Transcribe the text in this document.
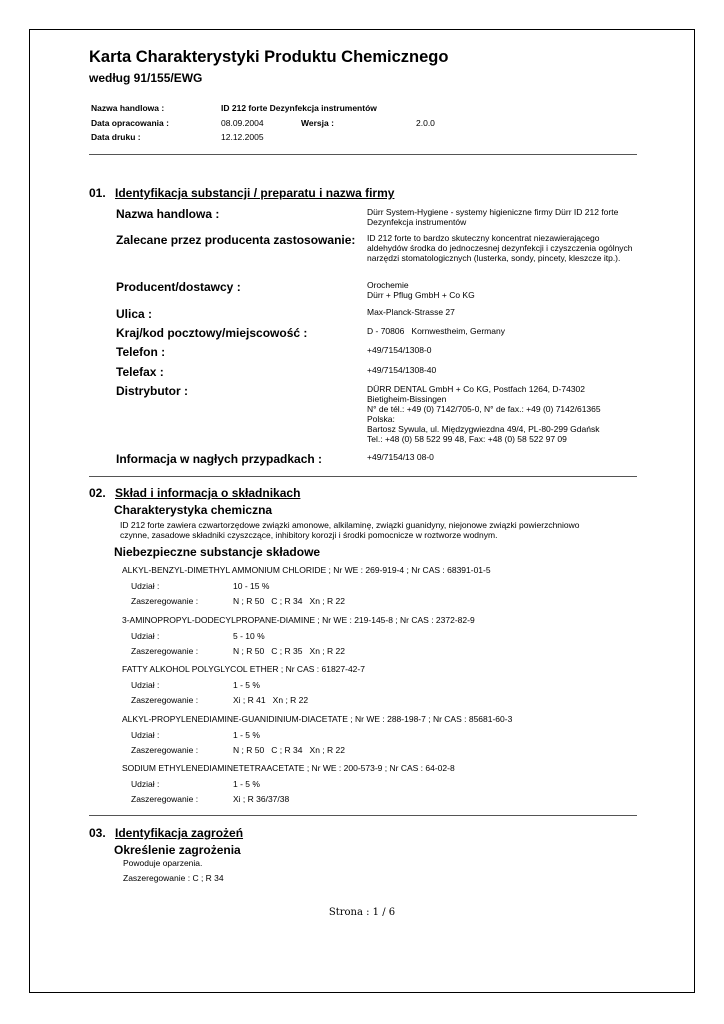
Karta Charakterystyki Produktu Chemicznego
według 91/155/EWG
Nazwa handlowa :	ID 212 forte Dezynfekcja instrumentów
Data opracowania :	08.09.2004	Wersja :	2.0.0
Data druku :	12.12.2005
01. Identyfikacja substancji / preparatu i nazwa firmy
Nazwa handlowa :	Dürr System-Hygiene - systemy higieniczne firmy Dürr ID 212 forte Dezynfekcja instrumentów
Zalecane przez producenta zastosowanie: ID 212 forte to bardzo skuteczny koncentrat niezawierającego aldehydów środka do jednoczesnej dezynfekcji i czyszczenia ogólnych narzędzi stomatologicznych (lusterka, sondy, pincety, kleszcze itp.).
Producent/dostawcy :	Orochemie
Dürr + Pflug GmbH + Co KG
Ulica :	Max-Planck-Strasse 27
Kraj/kod pocztowy/miejscowość :	D - 70806   Kornwestheim, Germany
Telefon :	+49/7154/1308-0
Telefax :	+49/7154/1308-40
Distrybutor :	DÜRR DENTAL GmbH + Co KG, Postfach 1264, D-74302
Bietigheim-Bissingen
N° de tél.: +49 (0) 7142/705-0, N° de fax.: +49 (0) 7142/61365
Polska:
Bartosz Sywula, ul. Międzygwiezdna 49/4, PL-80-299 Gdańsk
Tel.: +48 (0) 58 522 99 48, Fax: +48 (0) 58 522 97 09
Informacja w nagłych przypadkach :	+49/7154/13 08-0
02. Skład i informacja o składnikach
Charakterystyka chemiczna
ID 212 forte zawiera czwartorzędowe związki amonowe, alkilaminę, związki guanidyny, niejonowe związki powierzchniowo
czynne, zasadowe składniki czyszczące, inhibitory korozji i środki pomocnicze w roztworze wodnym.
Niebezpieczne substancje składowe
ALKYL-BENZYL-DIMETHYL AMMONIUM CHLORIDE ; Nr WE : 269-919-4 ; Nr CAS : 68391-01-5
Udział :	10 - 15 %
Zaszeregowanie :	N ; R 50   C ; R 34   Xn ; R 22
3-AMINOPROPYL-DODECYLPROPANE-DIAMINE ; Nr WE : 219-145-8 ; Nr CAS : 2372-82-9
Udział :	5 - 10 %
Zaszeregowanie :	N ; R 50   C ; R 35   Xn ; R 22
FATTY ALKOHOL POLYGLYCOL ETHER ; Nr CAS : 61827-42-7
Udział :	1 - 5 %
Zaszeregowanie :	Xi ; R 41   Xn ; R 22
ALKYL-PROPYLENEDIAMINE-GUANIDINIUM-DIACETATE ; Nr WE : 288-198-7 ; Nr CAS : 85681-60-3
Udział :	1 - 5 %
Zaszeregowanie :	N ; R 50   C ; R 34   Xn ; R 22
SODIUM ETHYLENEDIAMINETETRAACETATE ; Nr WE : 200-573-9 ; Nr CAS : 64-02-8
Udział :	1 - 5 %
Zaszeregowanie :	Xi ; R 36/37/38
03. Identyfikacja zagrożeń
Określenie zagrożenia
Powoduje oparzenia.
Zaszeregowanie : C ; R 34
Strona : 1 / 6
